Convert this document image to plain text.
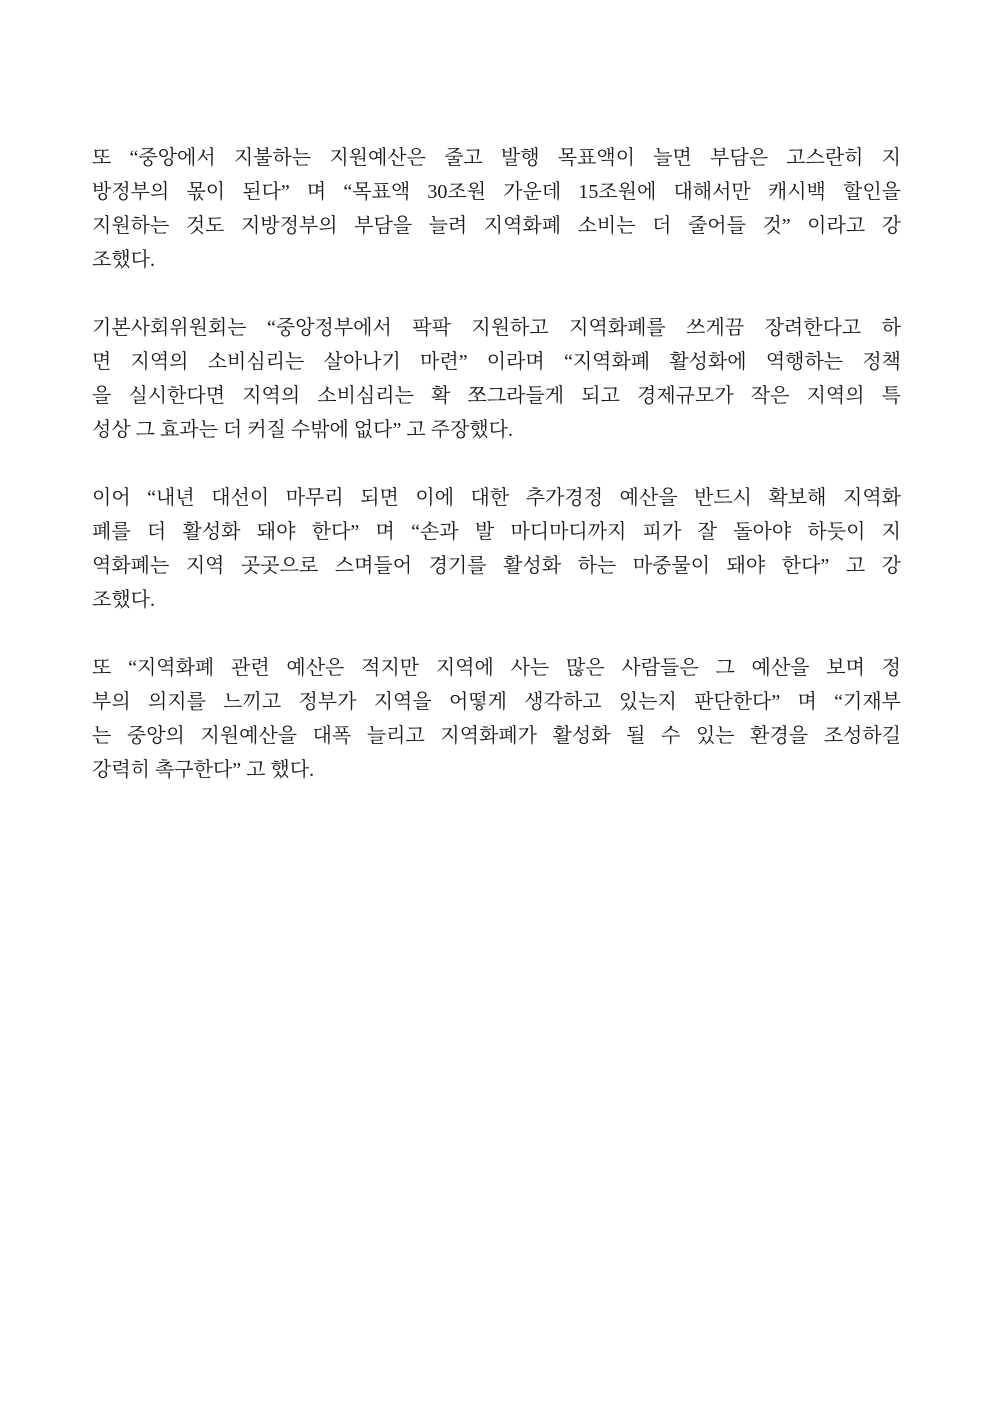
또 “중앙에서 지불하는 지원예산은 줄고 발행 목표액이 늘면 부담은 고스란히 지
방정부의 몫이 된다” 며 “목표액 30조원 가운데 15조원에 대해서만 캐시백 할인을
지원하는 것도 지방정부의 부담을 늘려 지역화폐 소비는 더 줄어들 것” 이라고 강
조했다.
기본사회위원회는 “중앙정부에서 팍팍 지원하고 지역화폐를 쓰게끔 장려한다고 하
면 지역의 소비심리는 살아나기 마련” 이라며 “지역화폐 활성화에 역행하는 정책
을 실시한다면 지역의 소비심리는 확 쪼그라들게 되고 경제규모가 작은 지역의 특
성상 그 효과는 더 커질 수밖에 없다” 고 주장했다.
이어 “내년 대선이 마무리 되면 이에 대한 추가경정 예산을 반드시 확보해 지역화
폐를 더 활성화 돼야 한다” 며 “손과 발 마디마디까지 피가 잘 돌아야 하듯이 지
역화폐는 지역 곳곳으로 스며들어 경기를 활성화 하는 마중물이 돼야 한다” 고 강
조했다.
또 “지역화폐 관련 예산은 적지만 지역에 사는 많은 사람들은 그 예산을 보며 정
부의 의지를 느끼고 정부가 지역을 어떻게 생각하고 있는지 판단한다” 며 “기재부
는 중앙의 지원예산을 대폭 늘리고 지역화폐가 활성화 될 수 있는 환경을 조성하길
강력히 촉구한다” 고 했다.
